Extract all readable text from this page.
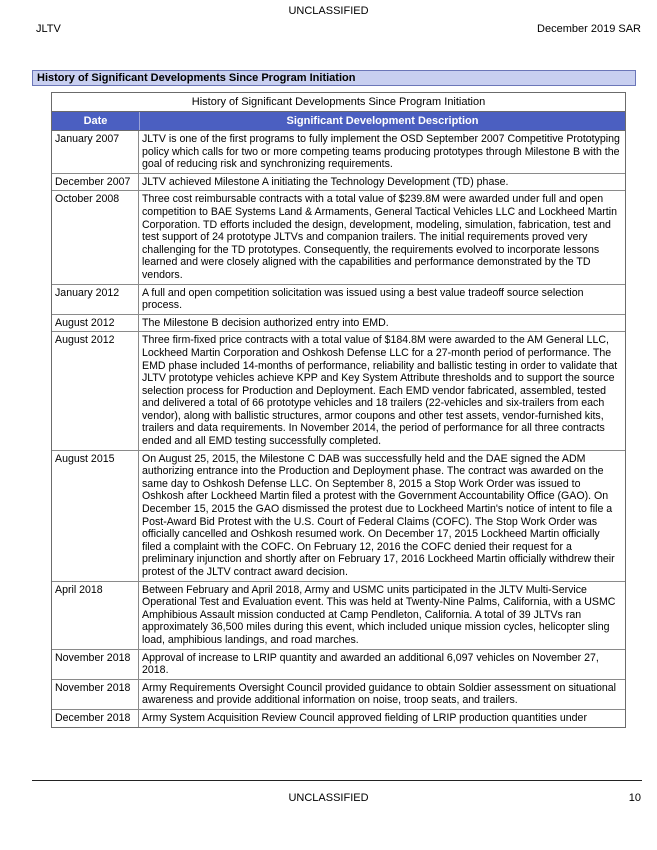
UNCLASSIFIED
JLTV	December 2019 SAR
History of Significant Developments Since Program Initiation
History of Significant Developments Since Program Initiation
Date	Significant Development Description
January 2007	JLTV is one of the first programs to fully implement the OSD September 2007 Competitive Prototyping policy which calls for two or more competing teams producing prototypes through Milestone B with the goal of reducing risk and synchronizing requirements.
December 2007	JLTV achieved Milestone A initiating the Technology Development (TD) phase.
October 2008	Three cost reimbursable contracts with a total value of $239.8M were awarded under full and open competition to BAE Systems Land & Armaments, General Tactical Vehicles LLC and Lockheed Martin Corporation. TD efforts included the design, development, modeling, simulation, fabrication, test and test support of 24 prototype JLTVs and companion trailers. The initial requirements proved very challenging for the TD prototypes. Consequently, the requirements evolved to incorporate lessons learned and were closely aligned with the capabilities and performance demonstrated by the TD vendors.
January 2012	A full and open competition solicitation was issued using a best value tradeoff source selection process.
August 2012	The Milestone B decision authorized entry into EMD.
August 2012	Three firm-fixed price contracts with a total value of $184.8M were awarded to the AM General LLC, Lockheed Martin Corporation and Oshkosh Defense LLC for a 27-month period of performance. The EMD phase included 14-months of performance, reliability and ballistic testing in order to validate that JLTV prototype vehicles achieve KPP and Key System Attribute thresholds and to support the source selection process for Production and Deployment. Each EMD vendor fabricated, assembled, tested and delivered a total of 66 prototype vehicles and 18 trailers (22-vehicles and six-trailers from each vendor), along with ballistic structures, armor coupons and other test assets, vendor-furnished kits, trailers and data requirements. In November 2014, the period of performance for all three contracts ended and all EMD testing successfully completed.
August 2015	On August 25, 2015, the Milestone C DAB was successfully held and the DAE signed the ADM authorizing entrance into the Production and Deployment phase. The contract was awarded on the same day to Oshkosh Defense LLC. On September 8, 2015 a Stop Work Order was issued to Oshkosh after Lockheed Martin filed a protest with the Government Accountability Office (GAO). On December 15, 2015 the GAO dismissed the protest due to Lockheed Martin's notice of intent to file a Post-Award Bid Protest with the U.S. Court of Federal Claims (COFC). The Stop Work Order was officially cancelled and Oshkosh resumed work. On December 17, 2015 Lockheed Martin officially filed a complaint with the COFC. On February 12, 2016 the COFC denied their request for a preliminary injunction and shortly after on February 17, 2016 Lockheed Martin officially withdrew their protest of the JLTV contract award decision.
April 2018	Between February and April 2018, Army and USMC units participated in the JLTV Multi-Service Operational Test and Evaluation event. This was held at Twenty-Nine Palms, California, with a USMC Amphibious Assault mission conducted at Camp Pendleton, California. A total of 39 JLTVs ran approximately 36,500 miles during this event, which included unique mission cycles, helicopter sling load, amphibious landings, and road marches.
November 2018	Approval of increase to LRIP quantity and awarded an additional 6,097 vehicles on November 27, 2018.
November 2018	Army Requirements Oversight Council provided guidance to obtain Soldier assessment on situational awareness and provide additional information on noise, troop seats, and trailers.
December 2018	Army System Acquisition Review Council approved fielding of LRIP production quantities under
UNCLASSIFIED	10
